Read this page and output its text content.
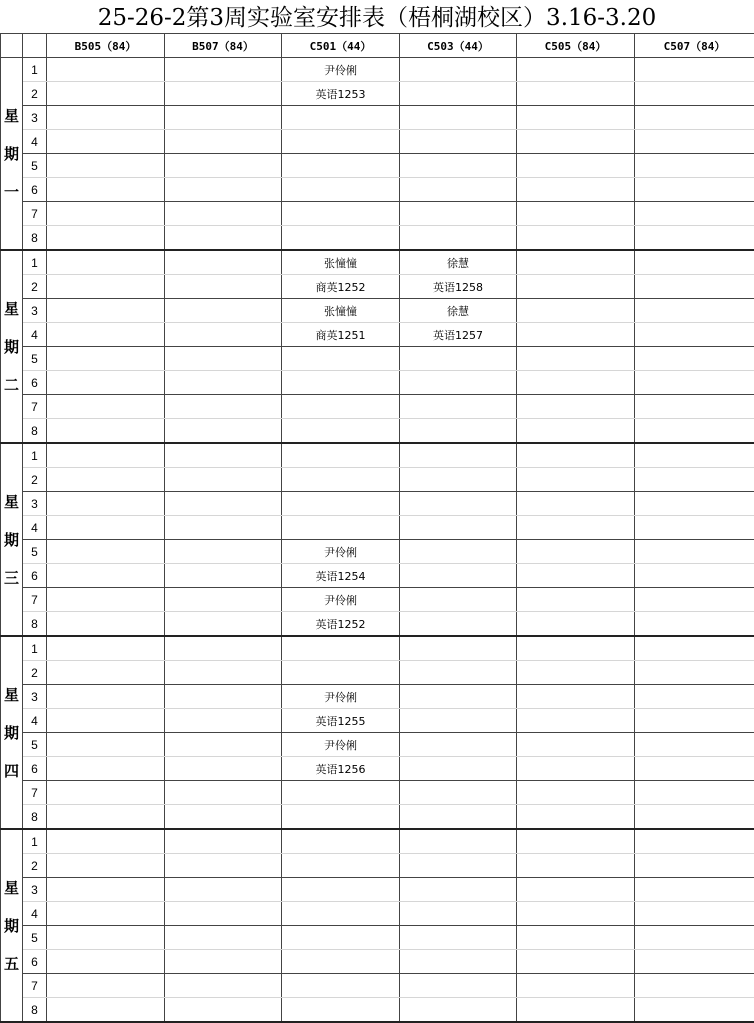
25-26-2第3周实验室安排表（梧桐湖校区）3.16-3.20
		B505（84）	B507（84）	C501（44）	C503（44）	C505（84）	C507（84）

星
期
一	1			尹伶俐			
	2			英语1253			
	3						
	4						
	5						
	6						
	7						
	8						

星
期
二	1			张憧憧	徐慧		
	2			商英1252	英语1258		
	3			张憧憧	徐慧		
	4			商英1251	英语1257		
	5						
	6						
	7						
	8						

星
期
三	1						
	2						
	3						
	4						
	5			尹伶俐			
	6			英语1254			
	7			尹伶俐			
	8			英语1252			

星
期
四	1						
	2						
	3			尹伶俐			
	4			英语1255			
	5			尹伶俐			
	6			英语1256			
	7						
	8						

星
期
五	1						
	2						
	3						
	4						
	5						
	6						
	7						
	8						
